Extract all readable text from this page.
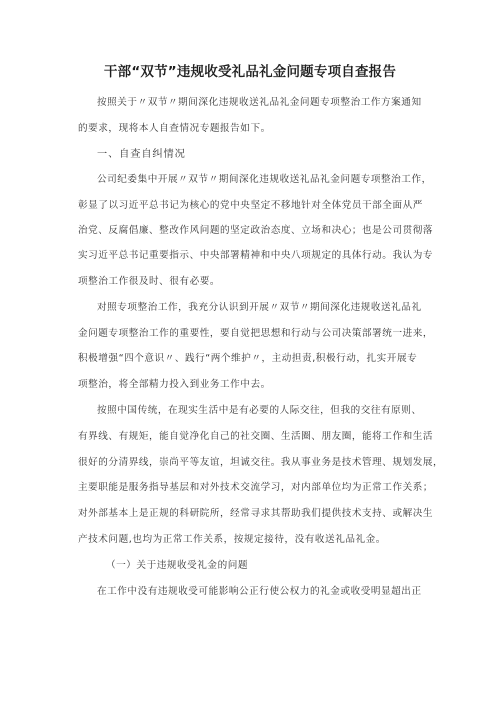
干部“双节”违规收受礼品礼金问题专项自查报告
按照关于〃双节〃期间深化违规收送礼品礼金问题专项整治工作方案通知
的要求，现将本人自查情况专题报告如下。
一、自查自纠情况
公司纪委集中开展〃双节〃期间深化违规收送礼品礼金问题专项整治工作，
彰显了以习近平总书记为核心的党中央坚定不移地针对全体党员干部全面从严
治党、反腐倡廉、整改作风问题的坚定政治态度、立场和决心；也是公司贯彻落
实习近平总书记重要指示、中央部署精神和中央八项规定的具体行动。我认为专
项整治工作很及时、很有必要。
对照专项整治工作，我充分认识到开展〃双节〃期间深化违规收送礼品礼
金问题专项整治工作的重要性，要自觉把思想和行动与公司决策部署统一进来，
积极增强“四个意识〃、践行“两个维护〃，主动担责,积极行动，扎实开展专
项整治，将全部精力投入到业务工作中去。
按照中国传统，在现实生活中是有必要的人际交往，但我的交往有原则、
有界线、有规矩，能自觉净化自己的社交圈、生活圈、朋友圈，能将工作和生活
很好的分清界线，崇尚平等友谊，坦诚交往。我从事业务是技术管理、规划发展，
主要职能是服务指导基层和对外技术交流学习，对内部单位均为正常工作关系；
对外部基本上是正规的科研院所，经常寻求其帮助我们提供技术支持、或解决生
产技术问题,也均为正常工作关系，按规定接待，没有收送礼品礼金。
（一）关于违规收受礼金的问题
在工作中没有违规收受可能影响公正行使公权力的礼金或收受明显超出正
